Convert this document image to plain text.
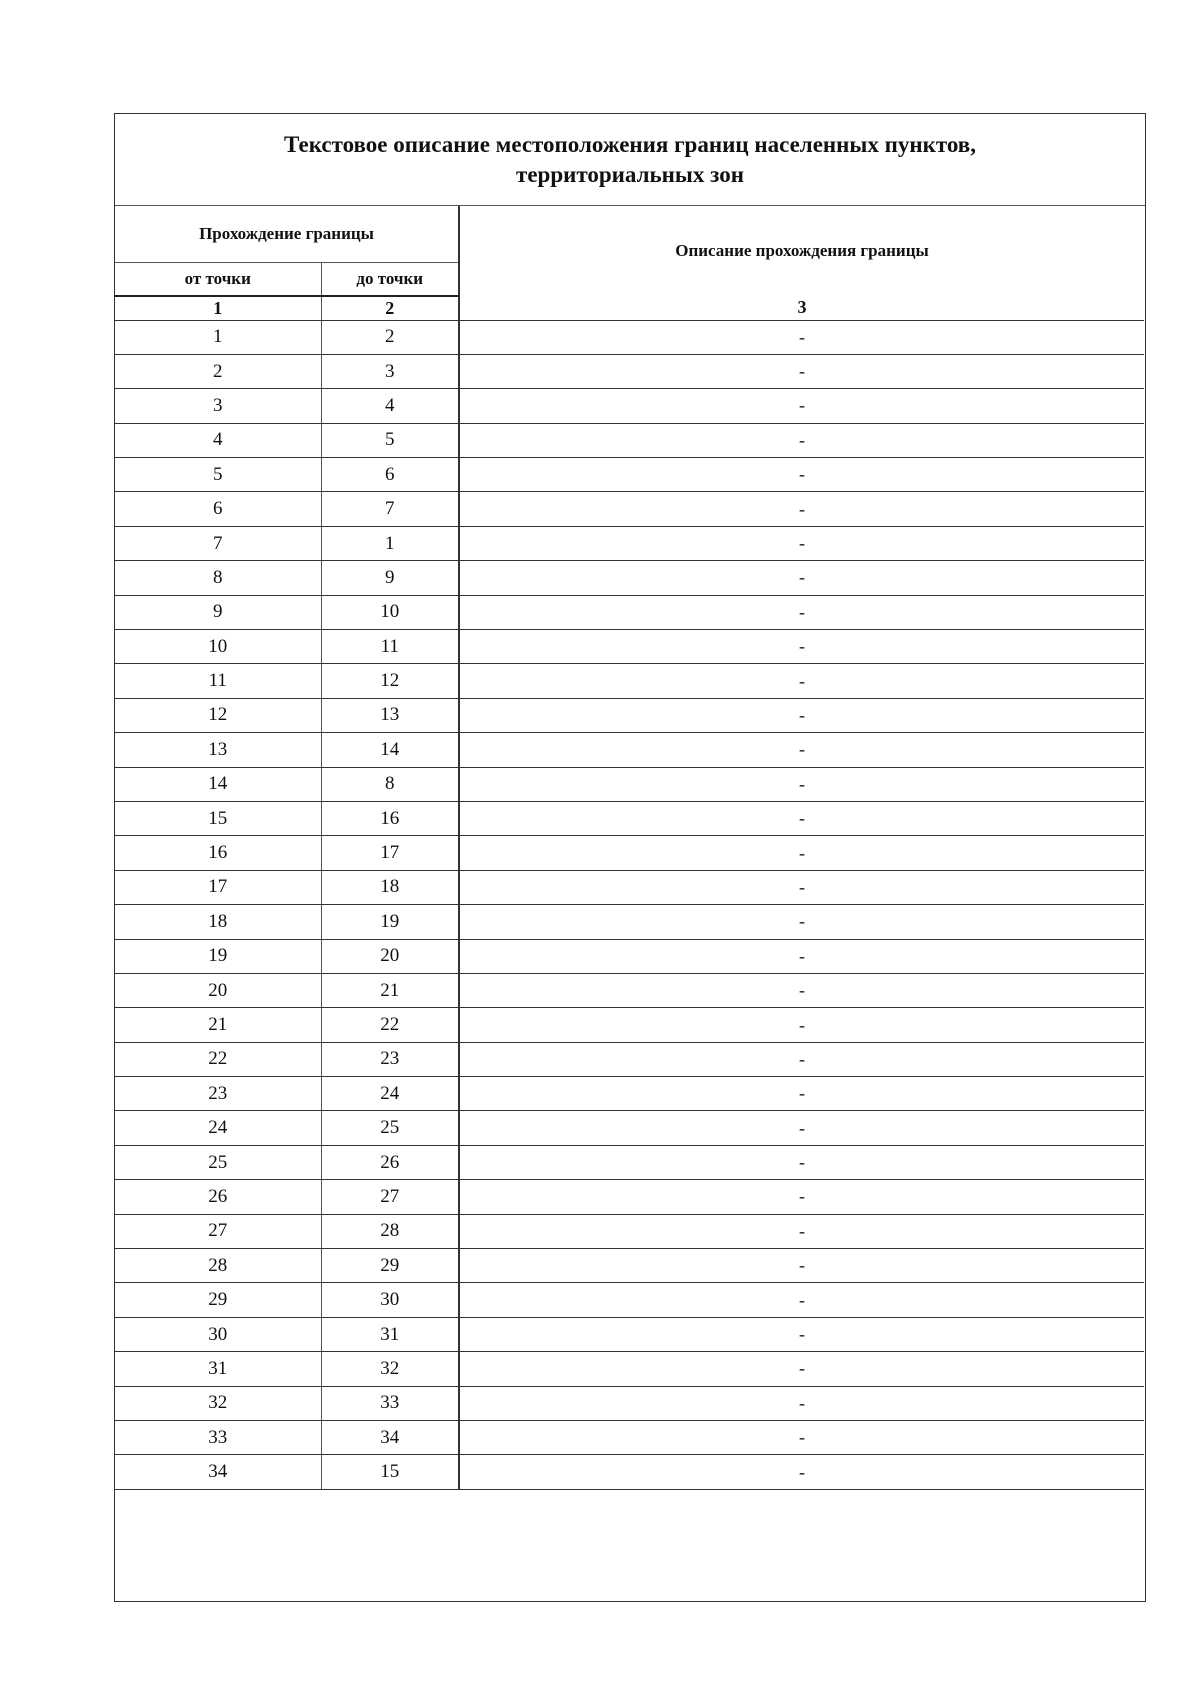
Текстовое описание местоположения границ населенных пунктов,
территориальных зон
Прохождение границы		Описание прохождения границы
от точки	до точки	
1	2	3
1	2	-
2	3	-
3	4	-
4	5	-
5	6	-
6	7	-
7	1	-
8	9	-
9	10	-
10	11	-
11	12	-
12	13	-
13	14	-
14	8	-
15	16	-
16	17	-
17	18	-
18	19	-
19	20	-
20	21	-
21	22	-
22	23	-
23	24	-
24	25	-
25	26	-
26	27	-
27	28	-
28	29	-
29	30	-
30	31	-
31	32	-
32	33	-
33	34	-
34	15	-
